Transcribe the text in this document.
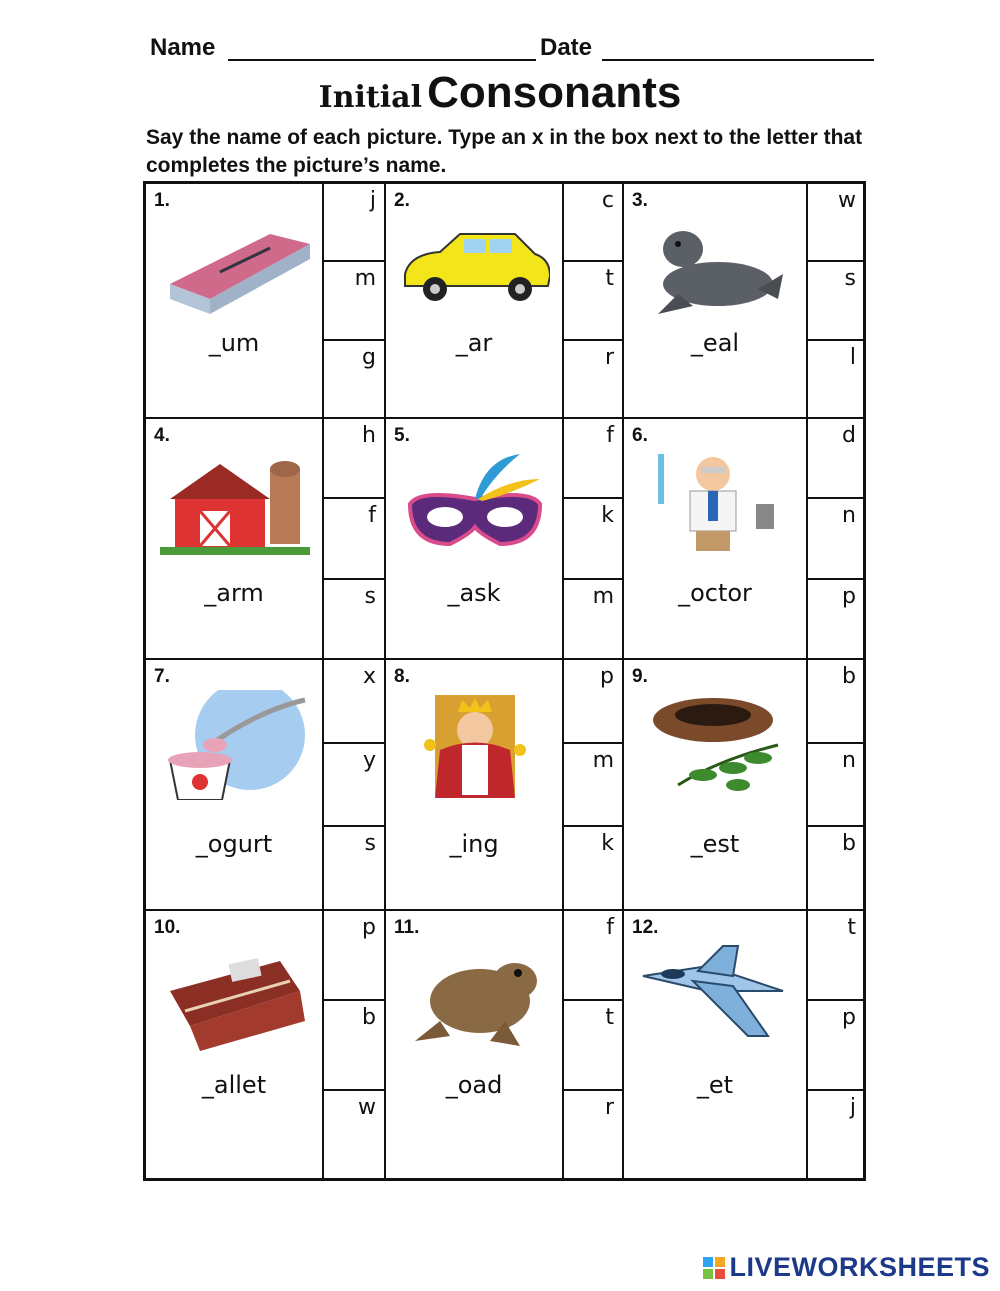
Name	Date
Initial Consonants
Say the name of each picture. Type an x in the box next to the letter that completes the picture’s name.
1.
_um
j
m
g
2.
_ar
c
t
r
3.
_eal
w
s
l
4.
_arm
h
f
s
5.
_ask
f
k
m
6.
_octor
d
n
p
7.
_ogurt
x
y
s
8.
_ing
p
m
k
9.
_est
b
n
b
10.
_allet
p
b
w
11.
_oad
f
t
r
12.
_et
t
p
j
LIVEWORKSHEETS
